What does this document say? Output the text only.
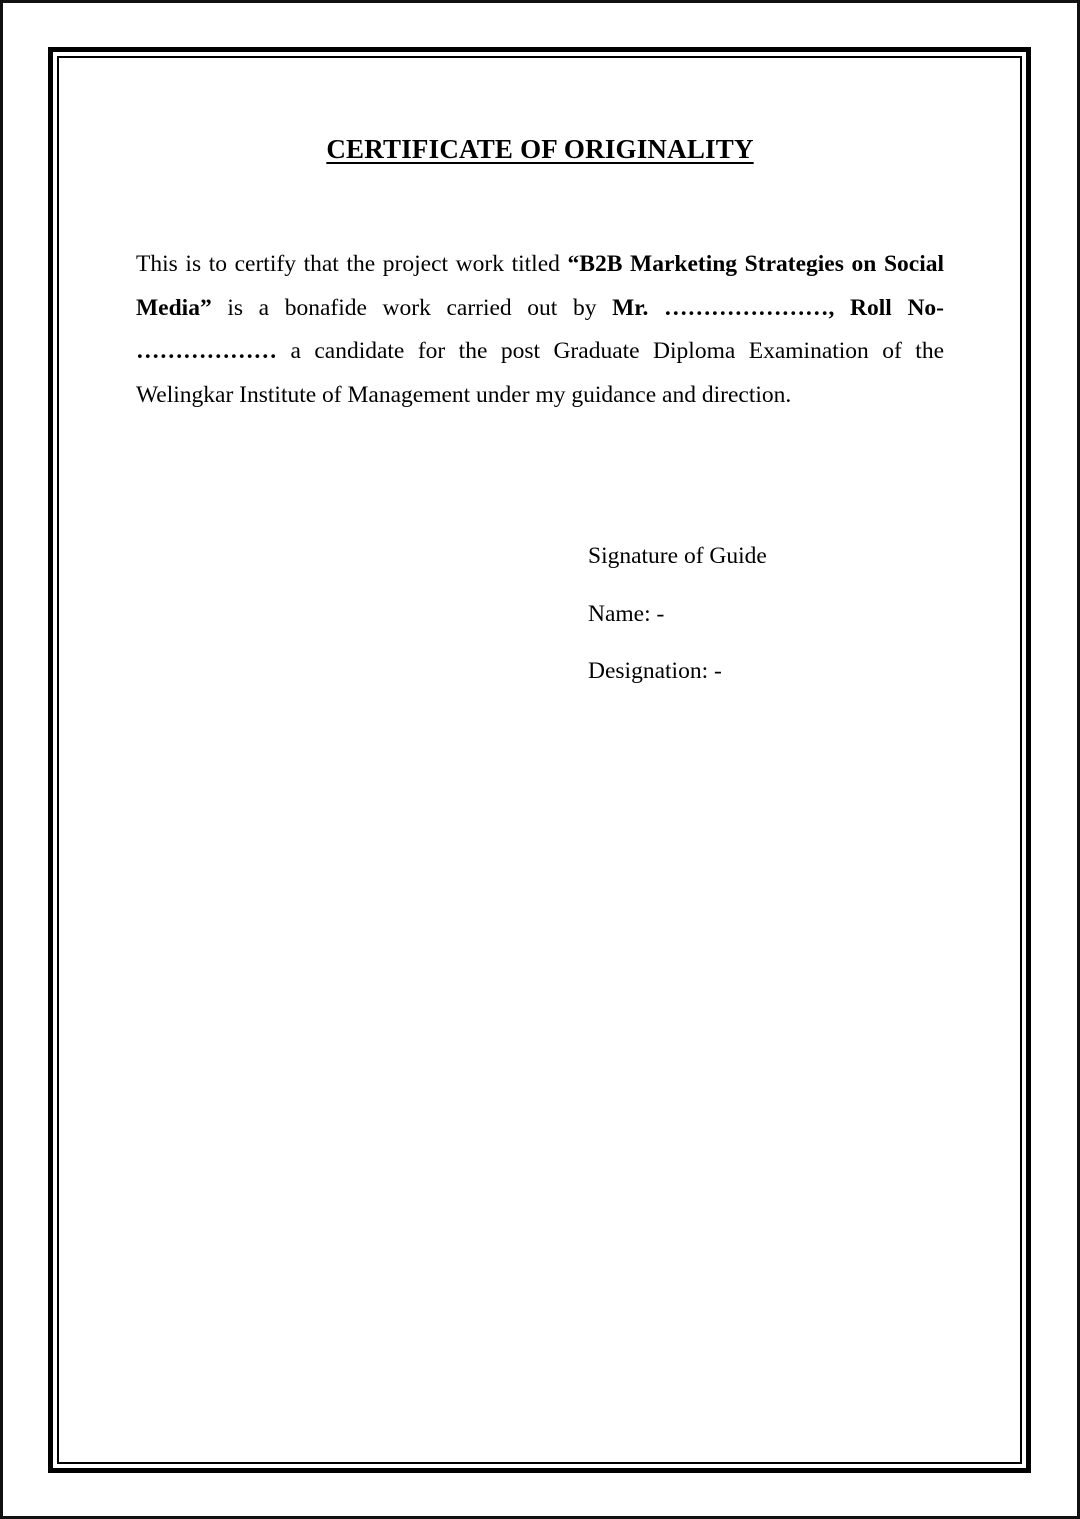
CERTIFICATE OF ORIGINALITY

This is to certify that the project work titled “B2B Marketing Strategies on Social Media” is a bonafide work carried out by Mr. …………………, Roll No- ……………… a candidate for the post Graduate Diploma Examination of the Welingkar Institute of Management under my guidance and direction.

Signature of Guide
Name: -
Designation: -
